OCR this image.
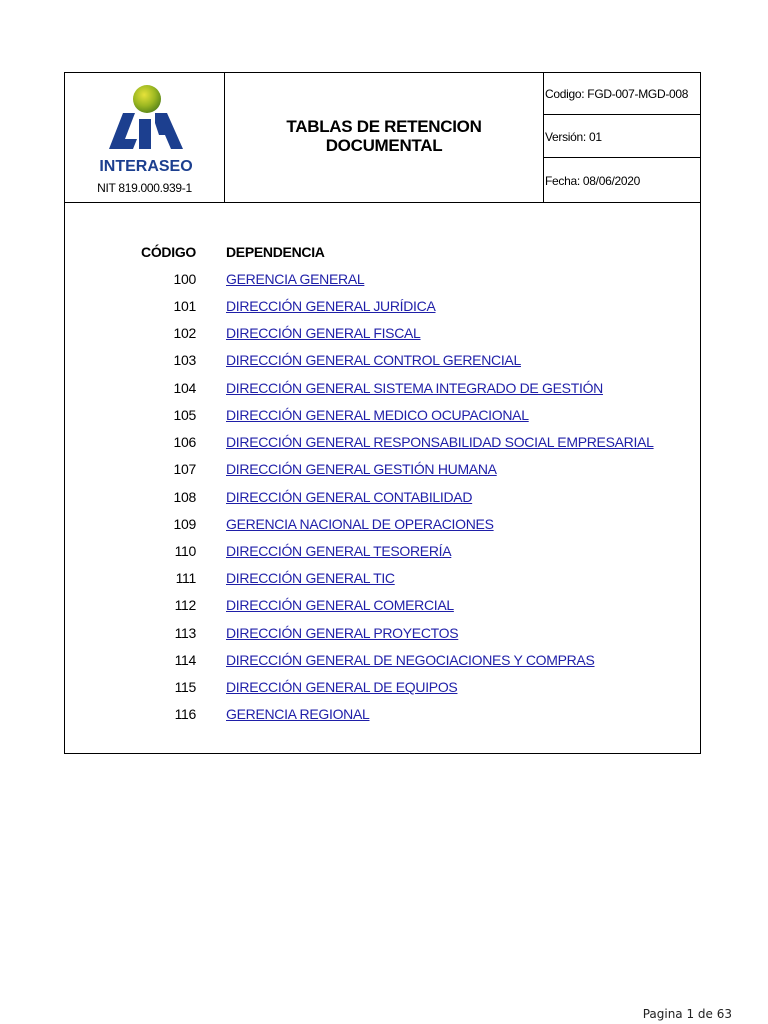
INTERASEO
NIT 819.000.939-1
TABLAS DE RETENCION
DOCUMENTAL
Codigo: FGD-007-MGD-008
Versión: 01
Fecha: 08/06/2020
CÓDIGO DEPENDENCIA
100 GERENCIA GENERAL
101 DIRECCIÓN GENERAL JURÍDICA
102 DIRECCIÓN GENERAL FISCAL
103 DIRECCIÓN GENERAL CONTROL GERENCIAL
104 DIRECCIÓN GENERAL SISTEMA INTEGRADO DE GESTIÓN
105 DIRECCIÓN GENERAL MEDICO OCUPACIONAL
106 DIRECCIÓN GENERAL RESPONSABILIDAD SOCIAL EMPRESARIAL
107 DIRECCIÓN GENERAL GESTIÓN HUMANA
108 DIRECCIÓN GENERAL CONTABILIDAD
109 GERENCIA NACIONAL DE OPERACIONES
110 DIRECCIÓN GENERAL TESORERÍA
111 DIRECCIÓN GENERAL TIC
112 DIRECCIÓN GENERAL COMERCIAL
113 DIRECCIÓN GENERAL PROYECTOS
114 DIRECCIÓN GENERAL DE NEGOCIACIONES Y COMPRAS
115 DIRECCIÓN GENERAL DE EQUIPOS
116 GERENCIA REGIONAL
Pagina 1 de 63
